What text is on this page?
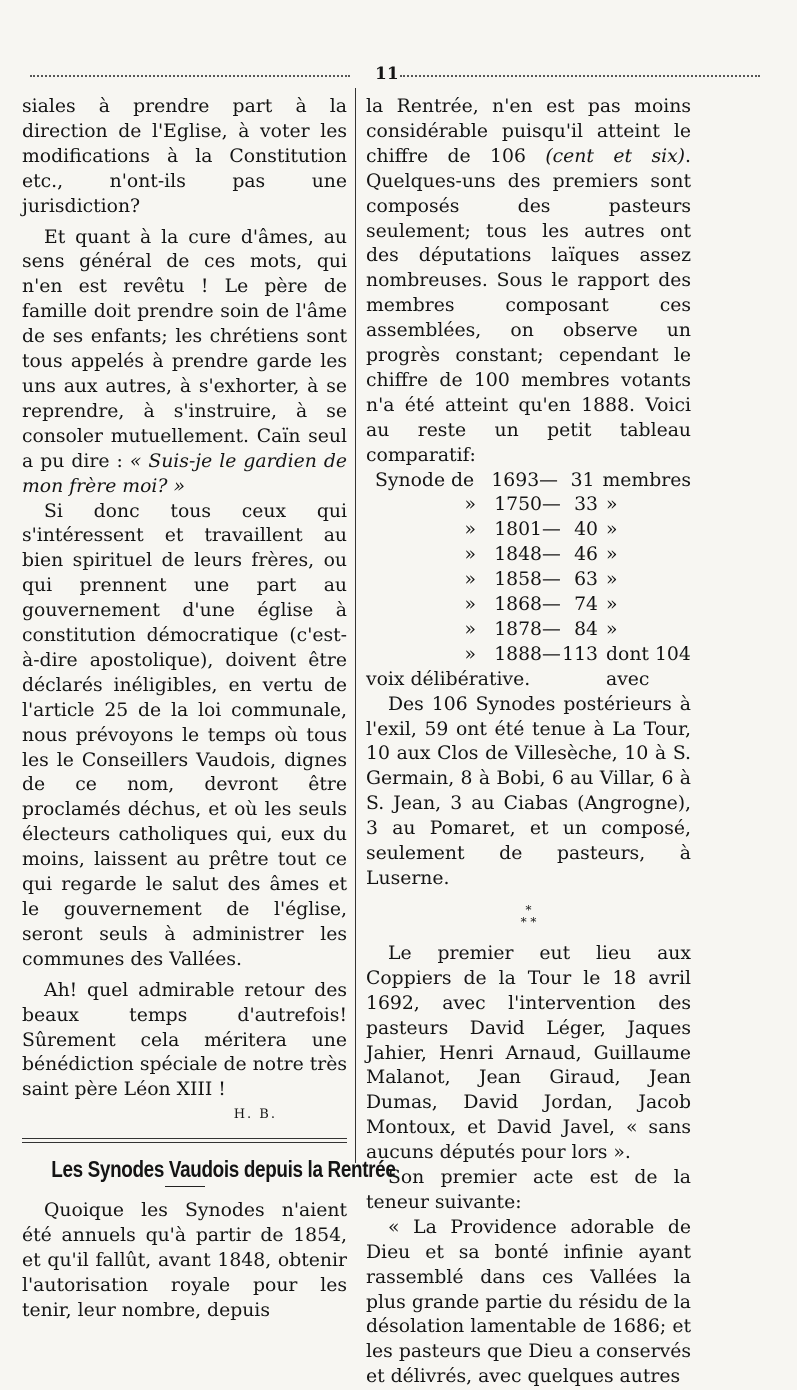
11

siales à prendre part à la direction de l'Eglise, à voter les modifications à la Constitution etc., n'ont-ils pas une jurisdiction?

Et quant à la cure d'âmes, au sens général de ces mots, qui n'en est revêtu ! Le père de famille doit prendre soin de l'âme de ses enfants; les chrétiens sont tous appelés à prendre garde les uns aux autres, à s'exhorter, à se reprendre, à s'instruire, à se consoler mutuellement. Caïn seul a pu dire : « Suis-je le gardien de mon frère moi? »

Si donc tous ceux qui s'intéressent et travaillent au bien spirituel de leurs frères, ou qui prennent une part au gouvernement d'une église à constitution démocratique (c'est-à-dire apostolique), doivent être déclarés inéligibles, en vertu de l'article 25 de la loi communale, nous prévoyons le temps où tous les le Conseillers Vaudois, dignes de ce nom, devront être proclamés déchus, et où les seuls électeurs catholiques qui, eux du moins, laissent au prêtre tout ce qui regarde le salut des âmes et le gouvernement de l'église, seront seuls à administrer les communes des Vallées.

Ah! quel admirable retour des beaux temps d'autrefois! Sûrement cela méritera une bénédiction spéciale de notre très saint père Léon XIII !

H. B.
Les Synodes Vaudois depuis la Rentrée

Quoique les Synodes n'aient été annuels qu'à partir de 1854, et qu'il fallût, avant 1848, obtenir l'autorisation royale pour les tenir, leur nombre, depuis

la Rentrée, n'en est pas moins considérable puisqu'il atteint le chiffre de 106 (cent et six). Quelques-uns des premiers sont composés des pasteurs seulement; tous les autres ont des députations laïques assez nombreuses. Sous le rapport des membres composant ces assemblées, on observe un progrès constant; cependant le chiffre de 100 membres votants n'a été atteint qu'en 1888. Voici au reste un petit tableau comparatif:

Synode de 1693 — 31 membres
» 1750 — 33 »
» 1801 — 40 »
» 1848 — 46 »
» 1858 — 63 »
» 1868 — 74 »
» 1878 — 84 »
» 1888 — 113 dont 104 avec

voix délibérative.

Des 106 Synodes postérieurs à l'exil, 59 ont été tenue à La Tour, 10 aux Clos de Villesèche, 10 à S. Germain, 8 à Bobi, 6 au Villar, 6 à S. Jean, 3 au Ciabas (Angrogne), 3 au Pomaret, et un composé, seulement de pasteurs, à Luserne.

*
* *

Le premier eut lieu aux Coppiers de la Tour le 18 avril 1692, avec l'intervention des pasteurs David Léger, Jaques Jahier, Henri Arnaud, Guillaume Malanot, Jean Giraud, Jean Dumas, David Jordan, Jacob Montoux, et David Javel, « sans aucuns députés pour lors ».

Son premier acte est de la teneur suivante:

« La Providence adorable de Dieu et sa bonté infinie ayant rassemblé dans ces Vallées la plus grande partie du résidu de la désolation lamentable de 1686; et les pasteurs que Dieu a conservés et délivrés, avec quelques autres
